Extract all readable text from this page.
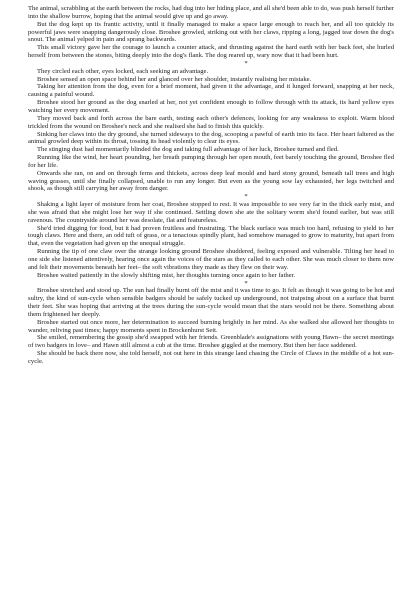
The animal, scrabbling at the earth between the rocks, had dug into her hiding place, and all she'd been able to do, was push herself further into the shallow burrow, hoping that the animal would give up and go away.

But the dog kept up its frantic activity, until it finally managed to make a space large enough to reach her, and all too quickly its powerful jaws were snapping dangerously close. Broshee growled, striking out with her claws, ripping a long, jagged tear down the dog's snout. The animal yelped in pain and sprang backwards.

This small victory gave her the courage to launch a counter attack, and thrusting against the hard earth with her back feet, she hurled herself from between the stones, biting deeply into the dog's flank. The dog reared up, wary now that it had been hurt.

*

They circled each other, eyes locked, each seeking an advantage.

Broshee sensed an open space behind her and glanced over her shoulder, instantly realising her mistake.

Taking her attention from the dog, even for a brief moment, had given it the advantage, and it lunged forward, snapping at her neck, causing a painful wound.

Broshee stood her ground as the dog snarled at her, not yet confident enough to follow through with its attack, its hard yellow eyes watching her every movement.

They moved back and forth across the bare earth, testing each other's defences, looking for any weakness to exploit. Warm blood trickled from the wound on Broshee's neck and she realised she had to finish this quickly.

Sinking her claws into the dry ground, she turned sideways to the dog, scooping a pawful of earth into its face. Her heart faltered as the animal growled deep within its throat, tossing its head violently to clear its eyes.

The stinging dust had momentarily blinded the dog and taking full advantage of her luck, Broshee turned and fled.

Running like the wind, her heart pounding, her breath pumping through her open mouth, feet barely touching the ground, Broshee fled for her life.

Onwards she ran, on and on through ferns and thickets, across deep leaf mould and hard stony ground, beneath tall trees and high waving grasses, until she finally collapsed, unable to run any longer. But even as the young sow lay exhausted, her legs twitched and shook, as though still carrying her away from danger.

*

Shaking a light layer of moisture from her coat, Broshee stopped to rest. It was impossible to see very far in the thick early mist, and she was afraid that she might lose her way if she continued. Settling down she ate the solitary worm she'd found earlier, but was still ravenous. The countryside around her was desolate, flat and featureless.

She'd tried digging for food, but it had proven fruitless and frustrating. The black surface was much too hard, refusing to yield to her tough claws. Here and there, an odd tuft of grass, or a tenacious spindly plant, had somehow managed to grow to maturity, but apart from that, even the vegetation had given up the unequal struggle.

Running the tip of one claw over the strange looking ground Broshee shuddered, feeling exposed and vulnerable. Tilting her head to one side she listened attentively, hearing once again the voices of the stars as they called to each other. She was much closer to them now and felt their movements beneath her feet– the soft vibrations they made as they flew on their way.

Broshee waited patiently in the slowly shifting mist, her thoughts turning once again to her father.

*

Broshee stretched and stood up. The sun had finally burnt off the mist and it was time to go. It felt as though it was going to be hot and sultry, the kind of sun-cycle when sensible badgers should be safely tucked up underground, not traipsing about on a surface that burnt their feet. She was hoping that arriving at the trees during the sun-cycle would mean that the stars would not be there. Something about them frightened her deeply.

Broshee started out once more, her determination to succeed burning brightly in her mind. As she walked she allowed her thoughts to wander, reliving past times; happy moments spent in Brockenhurst Sett.

She smiled, remembering the gossip she'd swapped with her friends. Greenblade's assignations with young Hawn– the secret meetings of two badgers in love– and Hawn still almost a cub at the time. Broshee giggled at the memory. But then her face saddened.

She should be back there now, she told herself, not out here in this strange land chasing the Circle of Claws in the middle of a hot sun-cycle.
